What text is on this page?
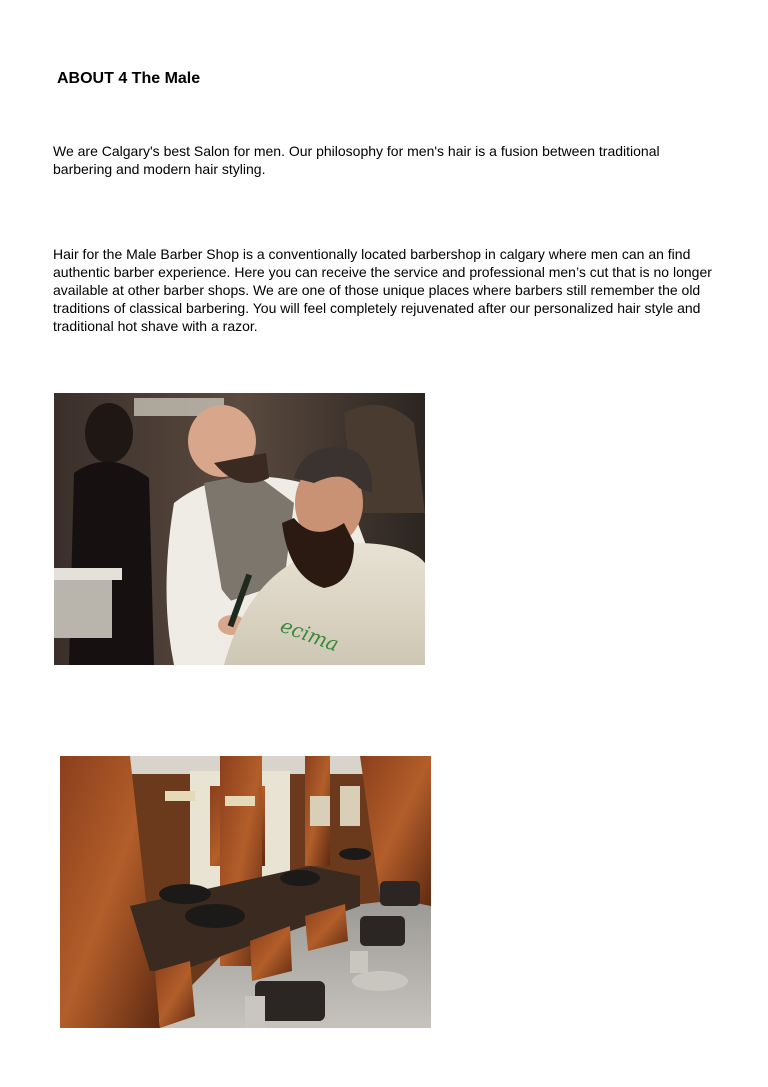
ABOUT 4 The Male

We are Calgary's best Salon for men. Our philosophy for men's hair is a fusion between traditional barbering and modern hair styling.

Hair for the Male Barber Shop is a conventionally located barbershop in calgary where men can an find authentic barber experience. Here you can receive the service and professional men’s cut that is no longer available at other barber shops. We are one of those unique places where barbers still remember the old traditions of classical barbering. You will feel completely rejuvenated after our personalized hair style and traditional hot shave with a razor.

ecima
